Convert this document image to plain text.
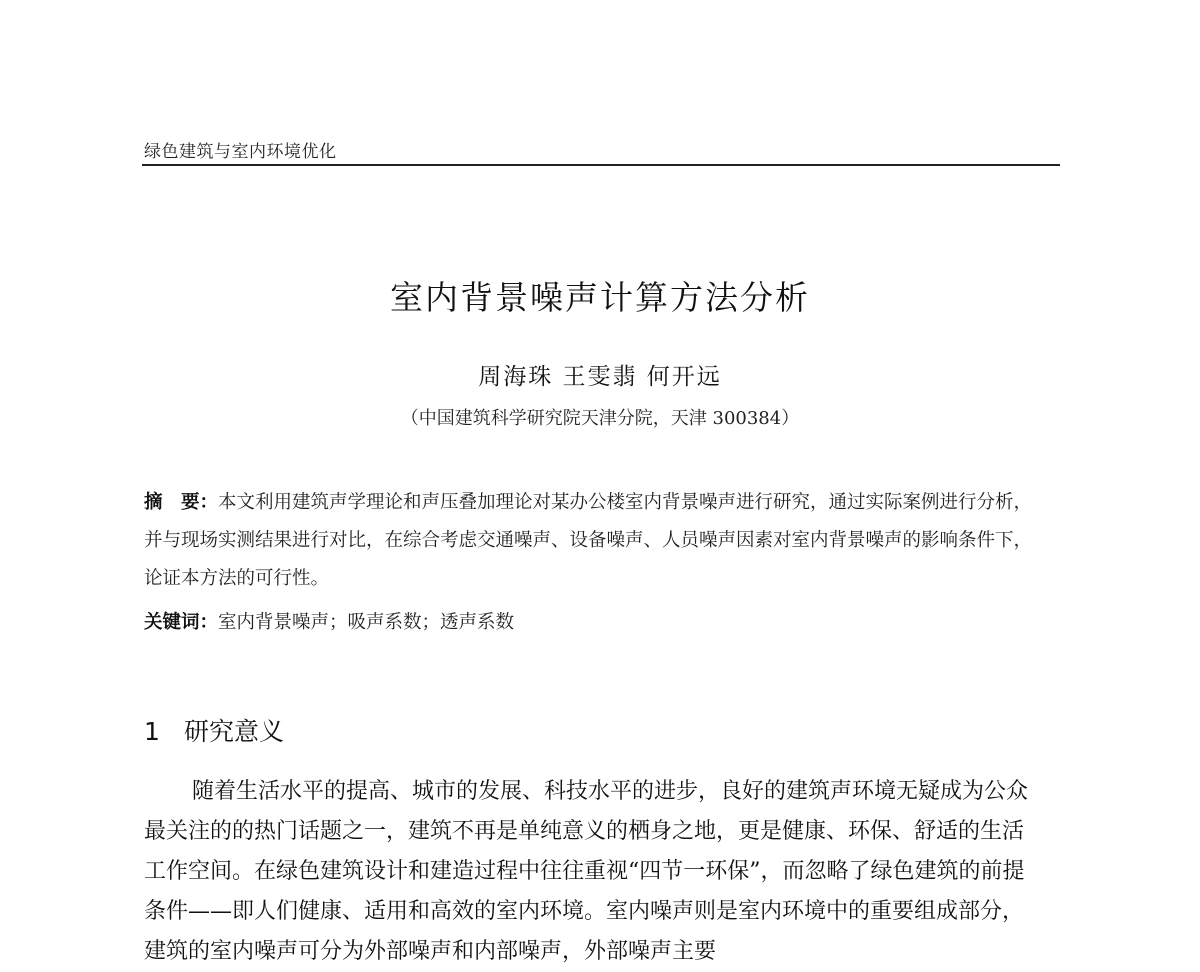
绿色建筑与室内环境优化
室内背景噪声计算方法分析
周海珠 王雯翡 何开远
（中国建筑科学研究院天津分院，天津 300384）

摘　要：本文利用建筑声学理论和声压叠加理论对某办公楼室内背景噪声进行研究，通过实际案例进行分析，并与现场实测结果进行对比，在综合考虑交通噪声、设备噪声、人员噪声因素对室内背景噪声的影响条件下，论证本方法的可行性。

关键词：室内背景噪声；吸声系数；透声系数
1 研究意义

随着生活水平的提高、城市的发展、科技水平的进步，良好的建筑声环境无疑成为公众最关注的的热门话题之一，建筑不再是单纯意义的栖身之地，更是健康、环保、舒适的生活工作空间。在绿色建筑设计和建造过程中往往重视“四节一环保”，而忽略了绿色建筑的前提条件——即人们健康、适用和高效的室内环境。室内噪声则是室内环境中的重要组成部分，建筑的室内噪声可分为外部噪声和内部噪声，外部噪声主要
